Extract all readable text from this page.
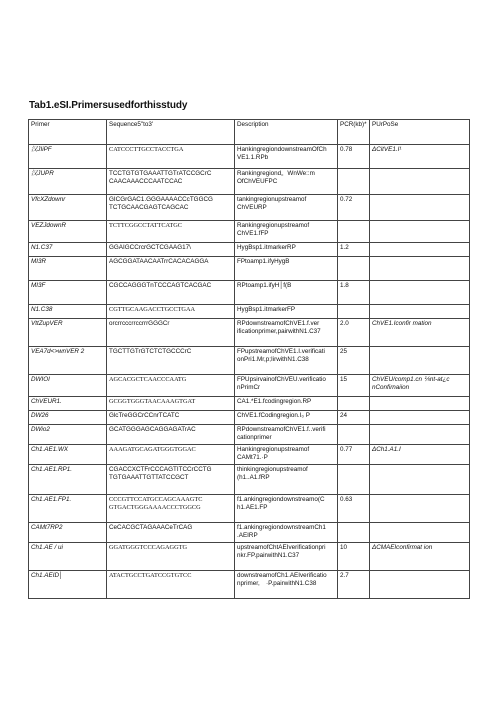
Tab1.eSI.Primersusedforthisstudy
Primer	Sequence5"to3'	Description	PCR(kb)*	PUrPoSe
汉JIiPF	CATCCCTTGCCTACCTGA	HankingregiondownstreamOfCh VE1.1.RPb	0.78	ΔCitVE1.I¹
汉JUPR	TCCTGTGTGAAATTGTrATCCGCrC CAACAAACCCAATCCAC	Rankingregiond。WnWe::m OfChVEUFPC		
VfcXZdownr	GICGrGAC1.GGGAAAACCcTGGCG TCTGCAACGAGTCAGCAC	tankingregionupstreamof ChVEURP	0.72	
VEZJdownR	TCTTCGGCCTATTCATGC	Rankingregionupstreamof ChVE1.fFP		
N1.C37	GGAIGCCrcrGCTCGAAG17\	HygBsp1.itmarkerRP	1.2	
MI3R	AGCGGATAACAATrrCACACAGGA	FPtoamp1.ifyHygB		
MI3F	CGCCAGGGTnTCCCAGTCACGAC	RPtoamp1.ifyH│f(B	1.8	
N1.C38	CGTTGCAAGACCTGCCTGAA	HygBsp1.itmarkerFP		
VttZupVER	orcrrcccrrccrrrGGGCr	RPdownstreamofChVE1.f.ver ificationprimer,pairwithN1.C37	2.0	ChVE1.Iconfir mation
VEA7d<>wnVER 2	TGCTTGTrGTCTCTGCCCrC	FPupstreamofChVE1.I.verificati onPri1.Mr,p;IirwithN1.C38	25	
DWIOI	AGCACGCTCAACCCAATG	FPUpsirvainofChVEU.verificatio nPrimCr	15	ChVEU/comp1.cn ⅕nt-at¿c nConfirnaiion
ChVEUR1.	GCGGTGGGTAACAAAGTGAT	CA1.*E1.fcodingregion.RP		
DW26	GlcTreGGCrCCnrTCATC	ChVE1.fCodingregion.I₀ P	24	
DWio2	GCATGGGAGCAGGAGATrAC	RPdownstreamofChVE1.f..verifi cationprimer		
Ch1.AE1.WX	AAAGATGCAGATGGGTGGAC	Hankingregionupstreamof CAMt71.·P	0.77	ΔCh1.A1.I
Ch1.AE1.RP1.	CGACCXCTFrCCCAGTITCCrCCTG TGTGAAATTGTTATCCGCT	thinkingregionupstreamof (h1..A1.fRP		
Ch1.AE1.FP1.	CCCGTTCCATGCCAGCAAAGTC GTGACTGGGAAAACCCTGGCG	f1.ankingregiondownstreamo(C h1.AE1.FP	0.63	
CAMt7RP2	CeCACGCTAGAAACeTrCAG	f1.ankingregiondownstreamCh1 .AEIRP		
Ch1.AE / ui	GGATGGGTCCCAGAGGTG	upstreamofChtAEIverificationpri nkr.FP.pairwithN1.C37	10	ΔCMAEIconfirmat ion
Ch1.AEID│	ATACTGCCTGATCCGTGTCC	downstreamofCh1.AEIverificatio nprimer,　·P.pairwithN1.C38	2.7	
